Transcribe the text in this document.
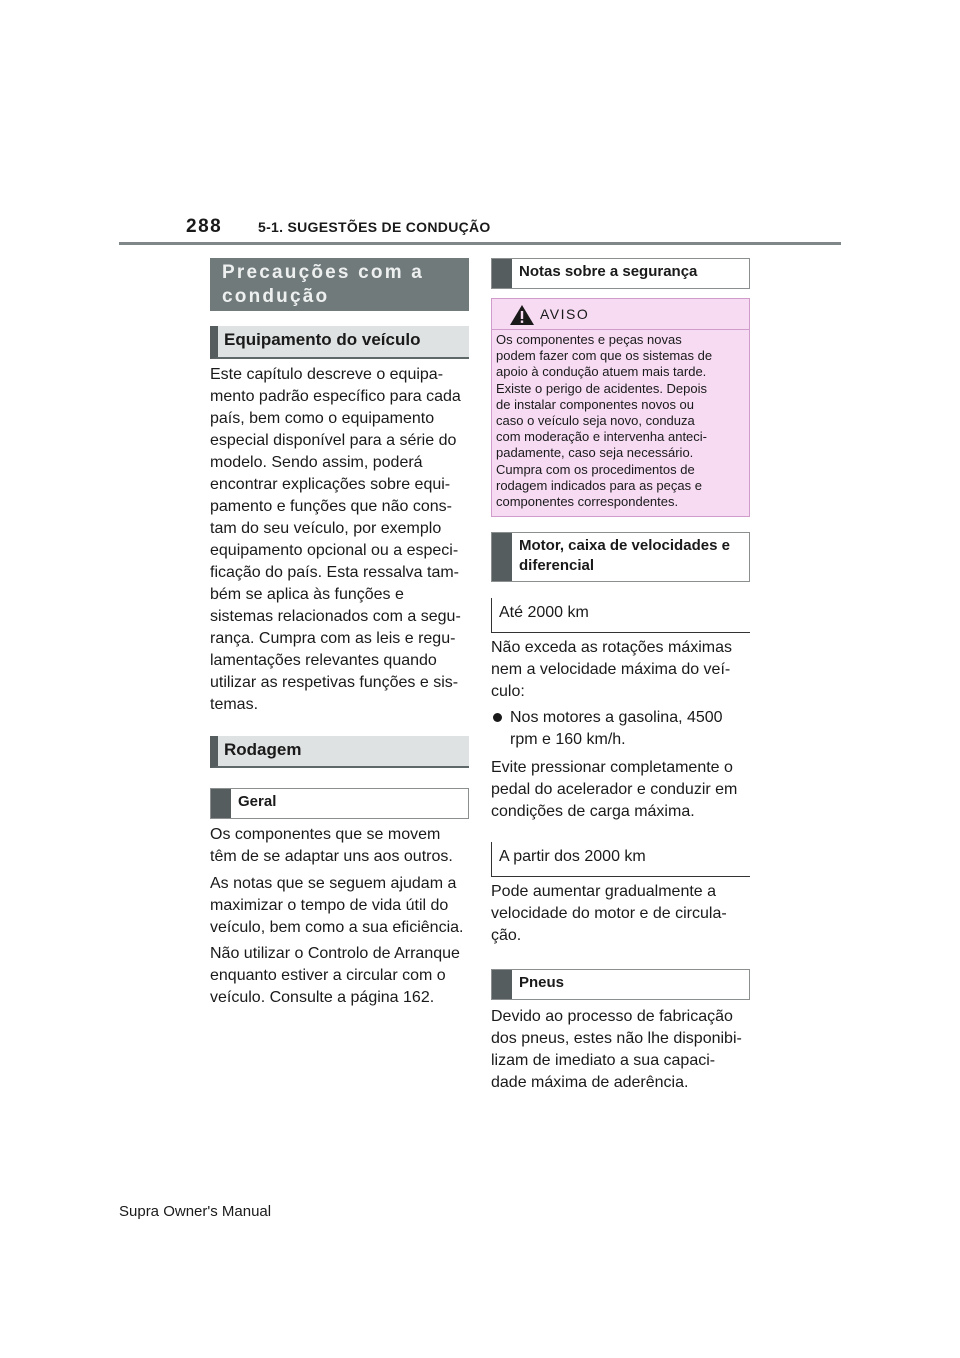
288	5-1. SUGESTÕES DE CONDUÇÃO
Precauções com a
condução
Equipamento do veículo

Este capítulo descreve o equipa-
mento padrão específico para cada
país, bem como o equipamento
especial disponível para a série do
modelo. Sendo assim, poderá
encontrar explicações sobre equi-
pamento e funções que não cons-
tam do seu veículo, por exemplo
equipamento opcional ou a especi-
ficação do país. Esta ressalva tam-
bém se aplica às funções e
sistemas relacionados com a segu-
rança. Cumpra com as leis e regu-
lamentações relevantes quando
utilizar as respetivas funções e sis-
temas.

Rodagem
Geral

Os componentes que se movem
têm de se adaptar uns aos outros.

As notas que se seguem ajudam a
maximizar o tempo de vida útil do
veículo, bem como a sua eficiência.

Não utilizar o Controlo de Arranque
enquanto estiver a circular com o
veículo. Consulte a página 162.

Notas sobre a segurança
AVISO

Os componentes e peças novas
podem fazer com que os sistemas de
apoio à condução atuem mais tarde.
Existe o perigo de acidentes. Depois
de instalar componentes novos ou
caso o veículo seja novo, conduza
com moderação e intervenha anteci-
padamente, caso seja necessário.
Cumpra com os procedimentos de
rodagem indicados para as peças e
componentes correspondentes.

Motor, caixa de velocidades e
diferencial
Até 2000 km

Não exceda as rotações máximas
nem a velocidade máxima do veí-
culo:

Nos motores a gasolina, 4500
rpm e 160 km/h.

Evite pressionar completamente o
pedal do acelerador e conduzir em
condições de carga máxima.

A partir dos 2000 km

Pode aumentar gradualmente a
velocidade do motor e de circula-
ção.

Pneus

Devido ao processo de fabricação
dos pneus, estes não lhe disponibi-
lizam de imediato a sua capaci-
dade máxima de aderência.

Supra Owner's Manual
